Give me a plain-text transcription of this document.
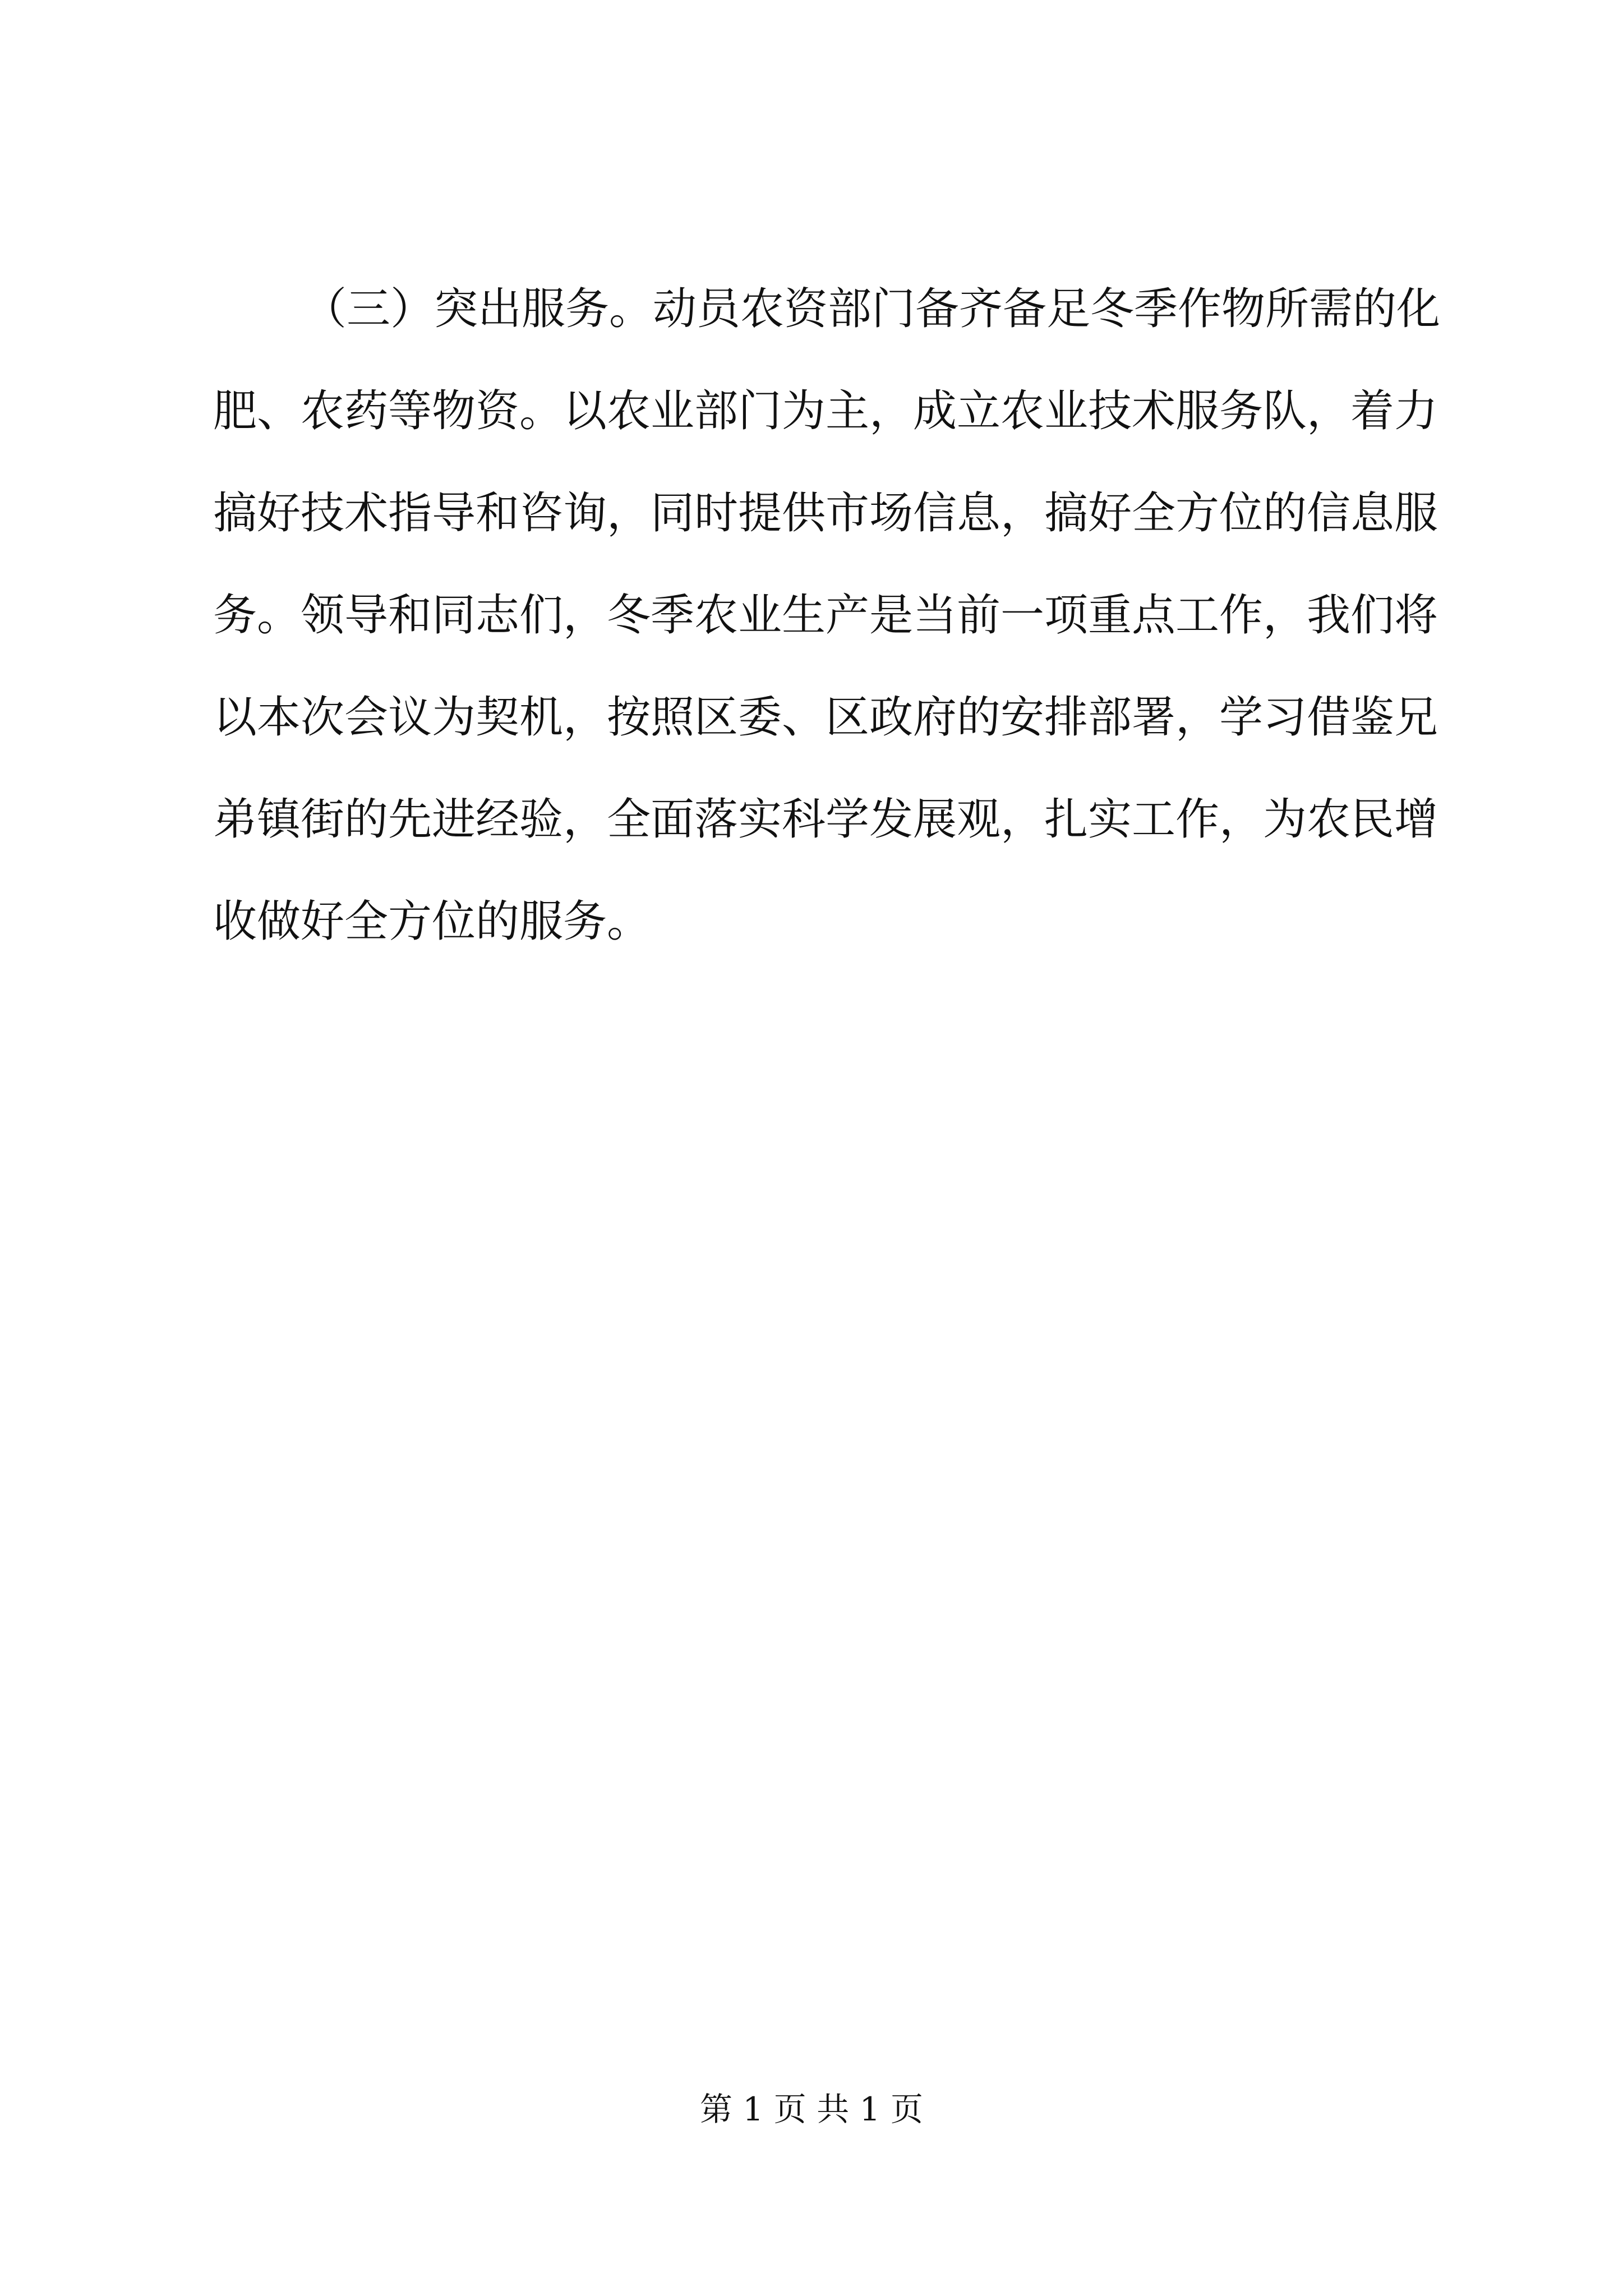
（三）突出服务。动员农资部门备齐备足冬季作物所需的化
肥、农药等物资。以农业部门为主，成立农业技术服务队，着力
搞好技术指导和咨询，同时提供市场信息，搞好全方位的信息服
务。领导和同志们，冬季农业生产是当前一项重点工作，我们将
以本次会议为契机，按照区委、区政府的安排部署，学习借鉴兄
弟镇街的先进经验，全面落实科学发展观，扎实工作，为农民增
收做好全方位的服务。
第 1 页 共 1 页
